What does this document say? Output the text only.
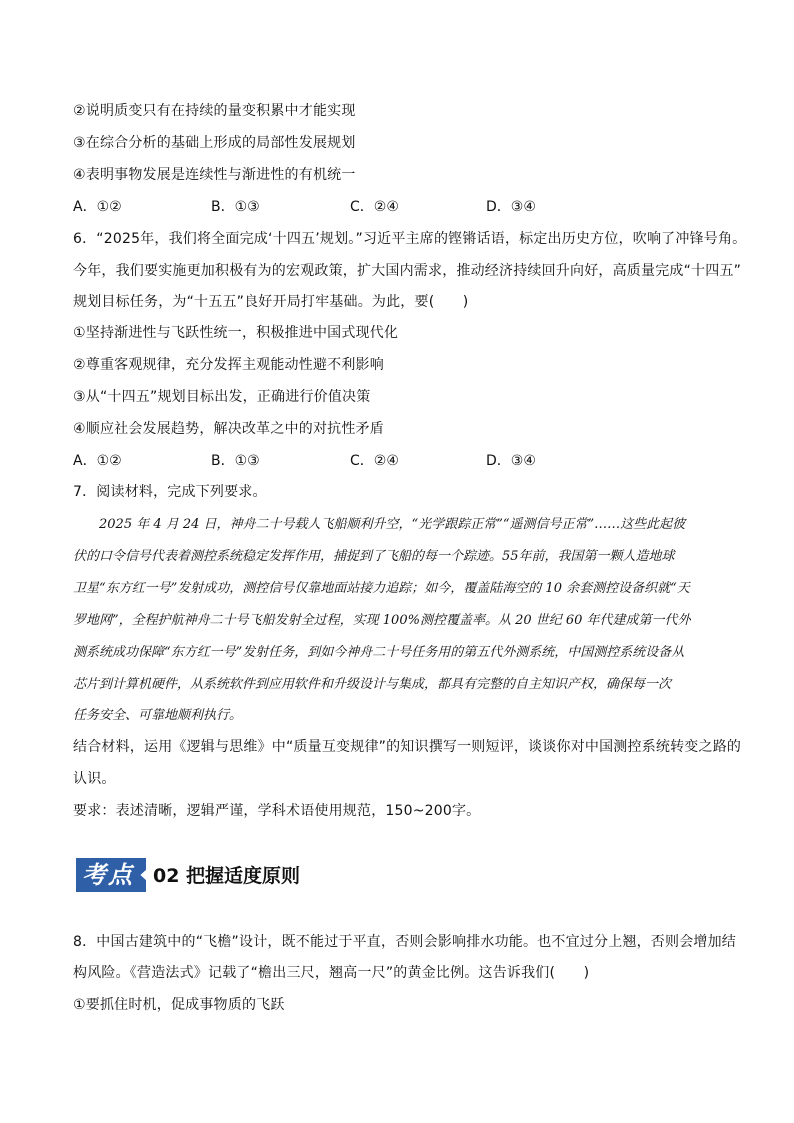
②说明质变只有在持续的量变积累中才能实现
③在综合分析的基础上形成的局部性发展规划
④表明事物发展是连续性与渐进性的有机统一
A．①②	B．①③	C．②④	D．③④
6．“2025年，我们将全面完成‘十四五’规划。”习近平主席的铿锵话语，标定出历史方位，吹响了冲锋号角。
今年，我们要实施更加积极有为的宏观政策，扩大国内需求，推动经济持续回升向好，高质量完成“十四五”
规划目标任务，为“十五五”良好开局打牢基础。为此，要(　　)
①坚持渐进性与飞跃性统一，积极推进中国式现代化
②尊重客观规律，充分发挥主观能动性避不利影响
③从“十四五”规划目标出发，正确进行价值决策
④顺应社会发展趋势，解决改革之中的对抗性矛盾
A．①②	B．①③	C．②④	D．③④
7．阅读材料，完成下列要求。
　　2025 年 4 月 24 日，神舟二十号载人飞船顺利升空，“光学跟踪正常”“遥测信号正常”……这些此起彼
伏的口令信号代表着测控系统稳定发挥作用，捕捉到了飞船的每一个踪迹。55年前，我国第一颗人造地球
卫星“东方红一号”发射成功，测控信号仅靠地面站接力追踪；如今，覆盖陆海空的 10 余套测控设备织就“天
罗地网”，全程护航神舟二十号飞船发射全过程，实现 100%测控覆盖率。从 20 世纪 60 年代建成第一代外
测系统成功保障“东方红一号”发射任务，到如今神舟二十号任务用的第五代外测系统，中国测控系统设备从
芯片到计算机硬件，从系统软件到应用软件和升级设计与集成，都具有完整的自主知识产权，确保每一次
任务安全、可靠地顺利执行。
结合材料，运用《逻辑与思维》中“质量互变规律”的知识撰写一则短评，谈谈你对中国测控系统转变之路的
认识。
要求：表述清晰，逻辑严谨，学科术语使用规范，150~200字。
考点 02 把握适度原则
8．中国古建筑中的“飞檐”设计，既不能过于平直，否则会影响排水功能。也不宜过分上翘，否则会增加结
构风险。《营造法式》记载了“檐出三尺，翘高一尺”的黄金比例。这告诉我们(　　)
①要抓住时机，促成事物质的飞跃
